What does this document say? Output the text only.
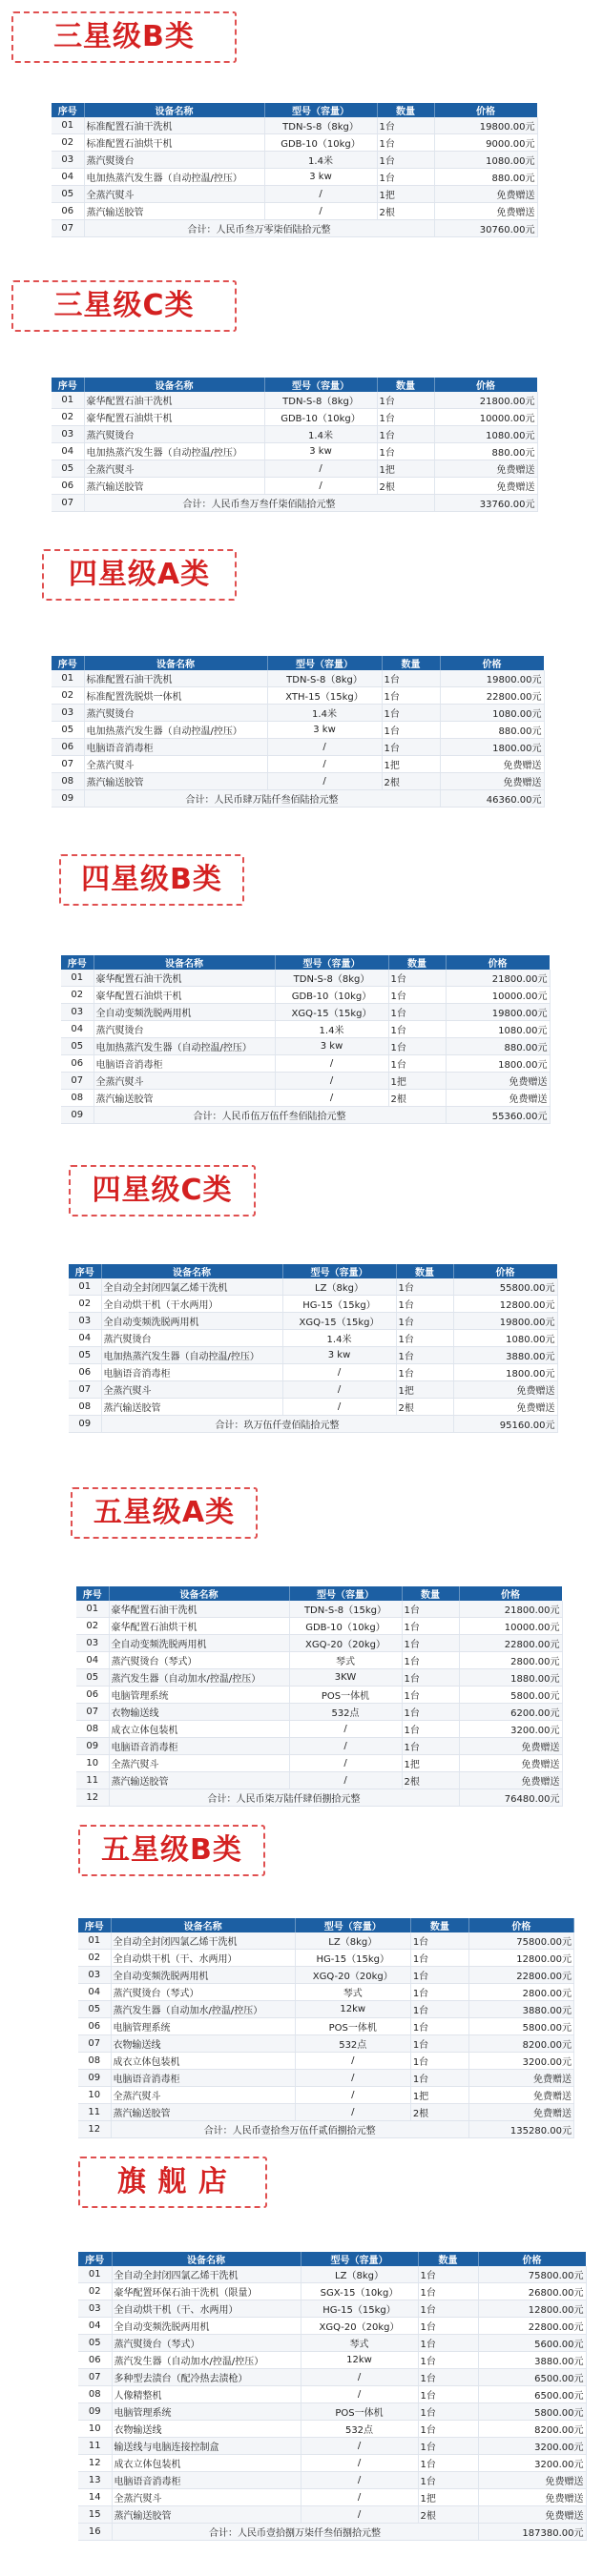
三星级B类
序号	设备名称	型号（容量）	数量	价格
01	标准配置石油干洗机	TDN-S-8（8kg）	1台	19800.00元
02	标准配置石油烘干机	GDB-10（10kg）	1台	9000.00元
03	蒸汽熨烫台	1.4米	1台	1080.00元
04	电加热蒸汽发生器（自动控温/控压）	3 kw	1台	880.00元
05	全蒸汽熨斗	/	1把	免费赠送
06	蒸汽输送胶管	/	2根	免费赠送
07	合计：人民币叁万零柒佰陆拾元整			30760.00元
三星级C类
序号	设备名称	型号（容量）	数量	价格
01	豪华配置石油干洗机	TDN-S-8（8kg）	1台	21800.00元
02	豪华配置石油烘干机	GDB-10（10kg）	1台	10000.00元
03	蒸汽熨烫台	1.4米	1台	1080.00元
04	电加热蒸汽发生器（自动控温/控压）	3 kw	1台	880.00元
05	全蒸汽熨斗	/	1把	免费赠送
06	蒸汽输送胶管	/	2根	免费赠送
07	合计：人民币叁万叁仟柒佰陆拾元整			33760.00元
四星级A类
序号	设备名称	型号（容量）	数量	价格
01	标准配置石油干洗机	TDN-S-8（8kg）	1台	19800.00元
02	标准配置洗脱烘一体机	XTH-15（15kg）	1台	22800.00元
03	蒸汽熨烫台	1.4米	1台	1080.00元
05	电加热蒸汽发生器（自动控温/控压）	3 kw	1台	880.00元
06	电脑语音消毒柜	/	1台	1800.00元
07	全蒸汽熨斗	/	1把	免费赠送
08	蒸汽输送胶管	/	2根	免费赠送
09	合计：人民币肆万陆仟叁佰陆拾元整			46360.00元
四星级B类
序号	设备名称	型号（容量）	数量	价格
01	豪华配置石油干洗机	TDN-S-8（8kg）	1台	21800.00元
02	豪华配置石油烘干机	GDB-10（10kg）	1台	10000.00元
03	全自动变频洗脱两用机	XGQ-15（15kg）	1台	19800.00元
04	蒸汽熨烫台	1.4米	1台	1080.00元
05	电加热蒸汽发生器（自动控温/控压）	3 kw	1台	880.00元
06	电脑语音消毒柜	/	1台	1800.00元
07	全蒸汽熨斗	/	1把	免费赠送
08	蒸汽输送胶管	/	2根	免费赠送
09	合计：人民币伍万伍仟叁佰陆拾元整			55360.00元
四星级C类
序号	设备名称	型号（容量）	数量	价格
01	全自动全封闭四氯乙烯干洗机	LZ（8kg）	1台	55800.00元
02	全自动烘干机（干水两用）	HG-15（15kg）	1台	12800.00元
03	全自动变频洗脱两用机	XGQ-15（15kg）	1台	19800.00元
04	蒸汽熨烫台	1.4米	1台	1080.00元
05	电加热蒸汽发生器（自动控温/控压）	3 kw	1台	3880.00元
06	电脑语音消毒柜	/	1台	1800.00元
07	全蒸汽熨斗	/	1把	免费赠送
08	蒸汽输送胶管	/	2根	免费赠送
09	合计：玖万伍仟壹佰陆拾元整			95160.00元
五星级A类
序号	设备名称	型号（容量）	数量	价格
01	豪华配置石油干洗机	TDN-S-8（15kg）	1台	21800.00元
02	豪华配置石油烘干机	GDB-10（10kg）	1台	10000.00元
03	全自动变频洗脱两用机	XGQ-20（20kg）	1台	22800.00元
04	蒸汽熨烫台（琴式）	琴式	1台	2800.00元
05	蒸汽发生器（自动加水/控温/控压）	3KW	1台	1880.00元
06	电脑管理系统	POS一体机	1台	5800.00元
07	衣物输送线	532点	1台	6200.00元
08	成衣立体包装机	/	1台	3200.00元
09	电脑语音消毒柜	/	1台	免费赠送
10	全蒸汽熨斗	/	1把	免费赠送
11	蒸汽输送胶管	/	2根	免费赠送
12	合计：人民币柒万陆仟肆佰捌拾元整			76480.00元
五星级B类
序号	设备名称	型号（容量）	数量	价格
01	全自动全封闭四氯乙烯干洗机	LZ（8kg）	1台	75800.00元
02	全自动烘干机（干、水两用）	HG-15（15kg）	1台	12800.00元
03	全自动变频洗脱两用机	XGQ-20（20kg）	1台	22800.00元
04	蒸汽熨烫台（琴式）	琴式	1台	2800.00元
05	蒸汽发生器（自动加水/控温/控压）	12kw	1台	3880.00元
06	电脑管理系统	POS一体机	1台	5800.00元
07	衣物输送线	532点	1台	8200.00元
08	成衣立体包装机	/	1台	3200.00元
09	电脑语音消毒柜	/	1台	免费赠送
10	全蒸汽熨斗	/	1把	免费赠送
11	蒸汽输送胶管	/	2根	免费赠送
12	合计：人民币壹拾叁万伍仟贰佰捌拾元整			135280.00元
旗 舰 店
序号	设备名称	型号（容量）	数量	价格
01	全自动全封闭四氯乙烯干洗机	LZ（8kg）	1台	75800.00元
02	豪华配置环保石油干洗机（限量）	SGX-15（10kg）	1台	26800.00元
03	全自动烘干机（干、水两用）	HG-15（15kg）	1台	12800.00元
04	全自动变频洗脱两用机	XGQ-20（20kg）	1台	22800.00元
05	蒸汽熨烫台（琴式）	琴式	1台	5600.00元
06	蒸汽发生器（自动加水/控温/控压）	12kw	1台	3880.00元
07	多种型去渍台（配冷热去渍枪）	/	1台	6500.00元
08	人像精整机	/	1台	6500.00元
09	电脑管理系统	POS一体机	1台	5800.00元
10	衣物输送线	532点	1台	8200.00元
11	输送线与电脑连接控制盒	/	1台	3200.00元
12	成衣立体包装机	/	1台	3200.00元
13	电脑语音消毒柜	/	1台	免费赠送
14	全蒸汽熨斗	/	1把	免费赠送
15	蒸汽输送胶管	/	2根	免费赠送
16	合计：人民币壹拾捌万柒仟叁佰捌拾元整			187380.00元
